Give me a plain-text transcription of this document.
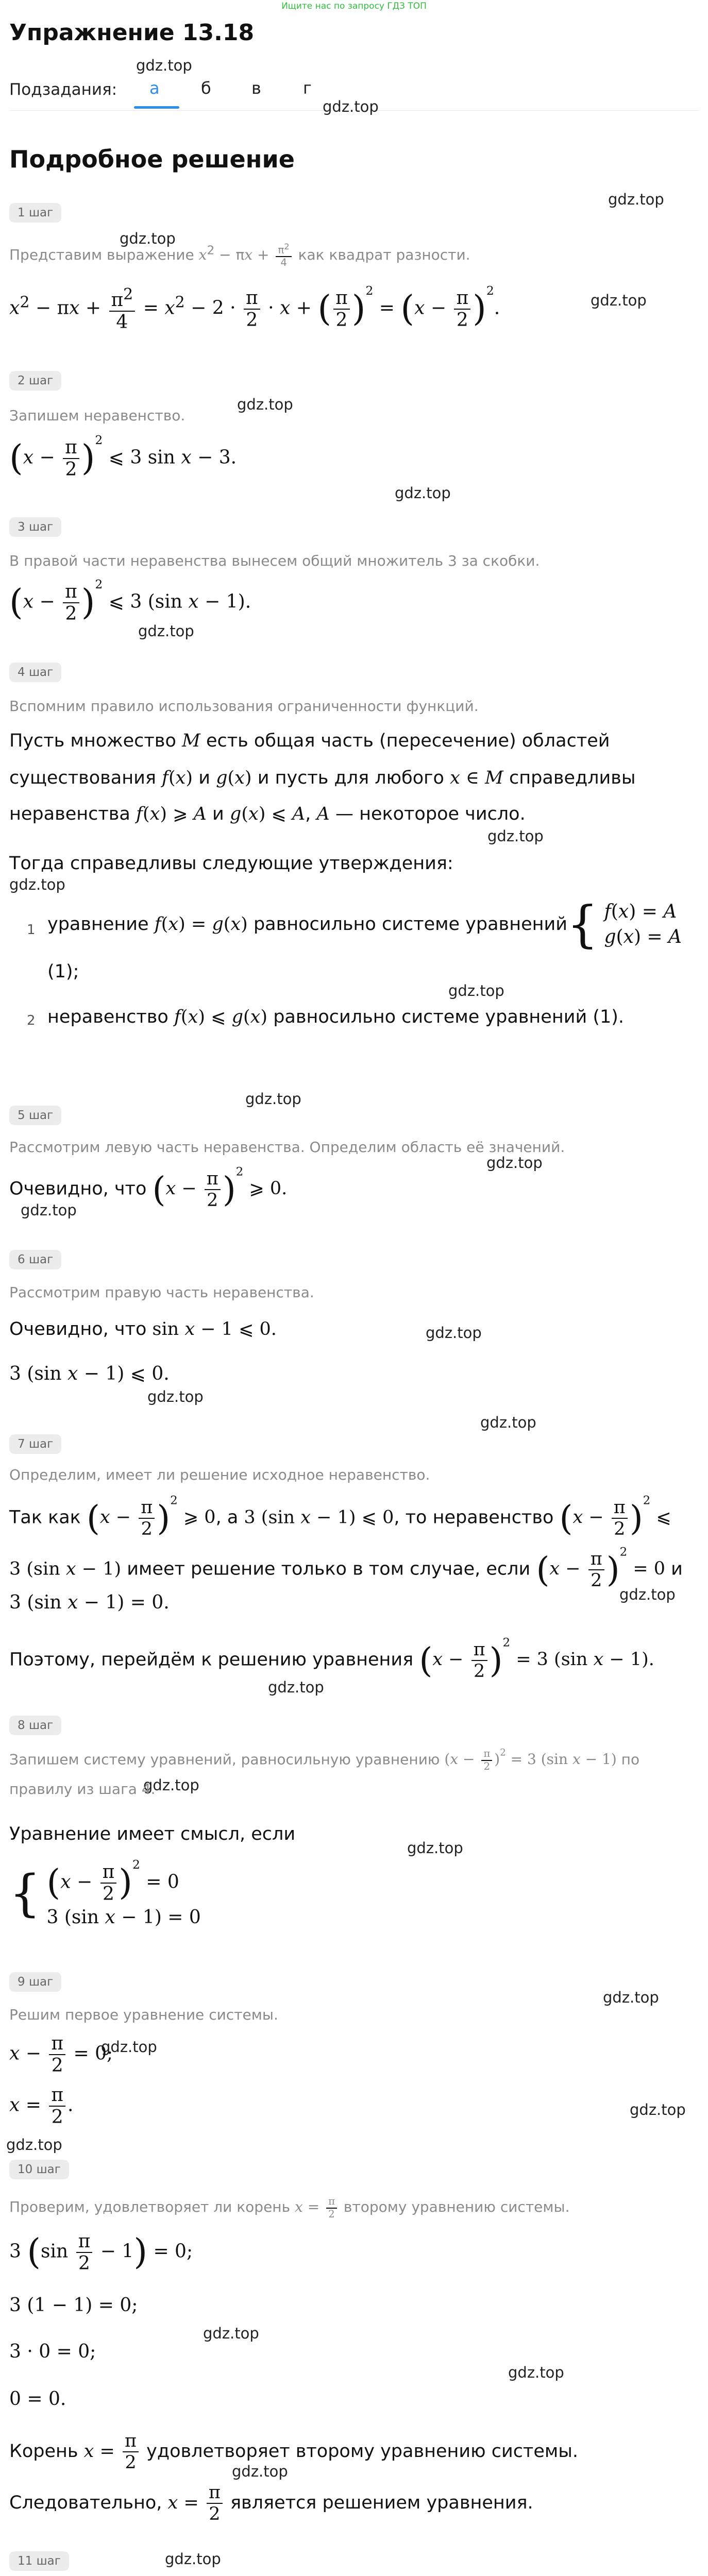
Ищите нас по запросу ГДЗ ТОП
Упражнение 13.18
Подзадания: а	б в	г
Подробное решение
gdz.top
gdz.top
gdz.top
gdz.top
gdz.top
gdz.top
gdz.top
gdz.top
gdz.top
gdz.top
gdz.top
gdz.top
gdz.top
gdz.top
gdz.top
gdz.top
gdz.top
gdz.top
gdz.top
gdz.top
gdz.top
gdz.top
gdz.top
gdz.top
gdz.top
gdz.top
gdz.top
gdz.top
gdz.top
1 шаг
Представим выражение $x^2 - \pi x + \frac{\pi^2}{4}$ как квадрат разности.
$x^2 - \pi x + \frac{\pi^2}{4} = x^2 - 2 \cdot \frac{\pi}{2} \cdot x$ + ( $\frac{\pi}{2} )^2 = (x - \frac{\pi}{2} )^2$.
2 шаг
Запишем неравенство.
$(x - \frac{\pi}{2} )^2$ ⩽ 3 sin x − 3.
3 шаг
В правой части неравенства вынесем общий множитель 3 за скобки.
$(x - \frac{\pi}{2} )^2$ ⩽ 3 (sin x − 1).
4 шаг
Вспомним правило использования ограниченности функций.
Пусть множество M есть общая часть (пересечение) областей
существования f(x) и g(x) и пусть для любого x ∈ M справедливы
неравенства f(x) ⩾ A и g(x) ⩽ A, A — некоторое число.
Тогда справедливы следующие утверждения:
1 уравнение f(x) = g(x) равносильно системе уравнений { f(x) = A
g(x) = A
(1);
2 неравенство f(x) ⩽ g(x) равносильно системе уравнений (1).
5 шаг
Рассмотрим левую часть неравенства. Определим область её значений.
Очевидно, что $(x - \frac{\pi}{2} )^2$ ⩾ 0.
6 шаг
Рассмотрим правую часть неравенства.
Очевидно, что sin x − 1 ⩽ 0.
3 (sin x − 1) ⩽ 0.
7 шаг
Определим, имеет ли решение исходное неравенство.
Так как $(x - \frac{\pi}{2} )^2$ ⩾ 0, а 3 (sin x − 1) ⩽ 0, то неравенство $(x - \frac{\pi}{2} )^2$ ⩽
3 (sin x − 1) имеет решение только в том случае, если $(x - \frac{\pi}{2} )^2 = 0$ и
3 (sin x − 1) = 0.
Поэтому, перейдём к решению уравнения $(x - \frac{\pi}{2} )^2 = 3$ (sin x − 1).
8 шаг
Запишем систему уравнений, равносильную уравнению $(x - \frac{\pi}{2} )^2 = 3$ (sin x − 1) по
правилу из шага 4.
Уравнение имеет смысл, если
{ $(x - \frac{\pi}{2} )^2 = 0$
3 (sin x − 1) = 0
9 шаг
Решим первое уравнение системы.
$x - \frac{\pi}{2} = 0$;
$x = \frac{\pi}{2}$ .
10 шаг
Проверим, удовлетворяет ли корень $x = \frac{\pi}{2}$ второму уравнению системы.
3 $(\sin \frac{\pi}{2} - 1) = 0$;
3 (1 − 1) = 0;
3 · 0 = 0;
0 = 0.
Корень $x = \frac{\pi}{2}$ удовлетворяет второму уравнению системы.
Следовательно, $x = \frac{\pi}{2}$ является решением уравнения.
11 шаг
